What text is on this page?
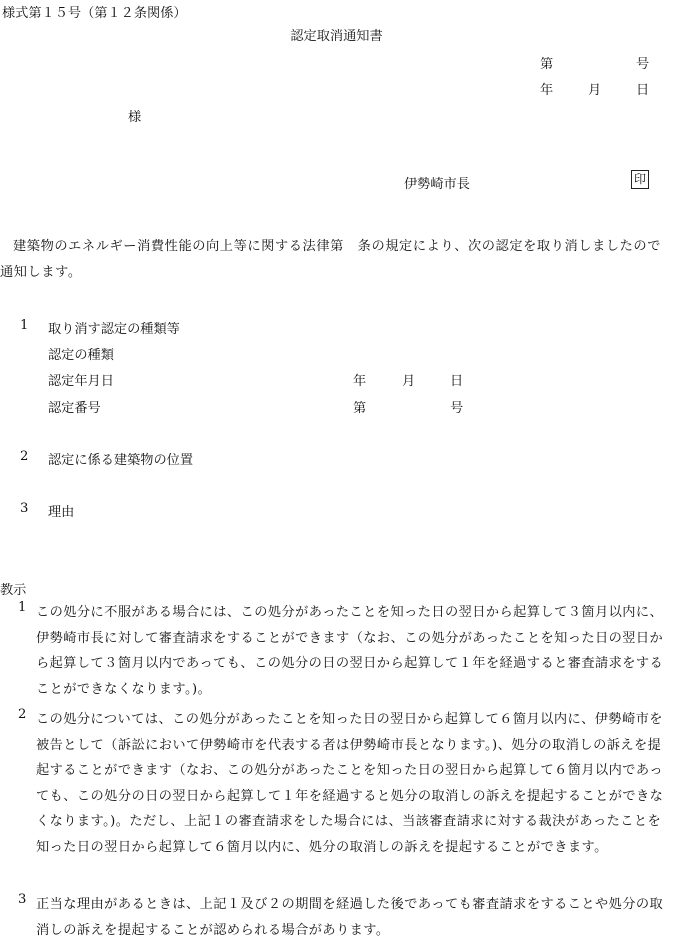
様式第１５号（第１２条関係）
認定取消通知書
第	号
年	月	日
様
伊勢崎市長	印
建築物のエネルギー消費性能の向上等に関する法律第　条の規定により、次の認定を取り消しましたので通知します。
1 取り消す認定の種類等
認定の種類
認定年月日	年	月	日
認定番号	第	号
2 認定に係る建築物の位置
3 理由
教示
1 この処分に不服がある場合には、この処分があったことを知った日の翌日から起算して３箇月以内に、伊勢崎市長に対して審査請求をすることができます（なお、この処分があったことを知った日の翌日から起算して３箇月以内であっても、この処分の日の翌日から起算して１年を経過すると審査請求をすることができなくなります。)。
2 この処分については、この処分があったことを知った日の翌日から起算して６箇月以内に、伊勢崎市を被告として（訴訟において伊勢崎市を代表する者は伊勢崎市長となります。)、処分の取消しの訴えを提起することができます（なお、この処分があったことを知った日の翌日から起算して６箇月以内であっても、この処分の日の翌日から起算して１年を経過すると処分の取消しの訴えを提起することができなくなります。)。ただし、上記１の審査請求をした場合には、当該審査請求に対する裁決があったことを知った日の翌日から起算して６箇月以内に、処分の取消しの訴えを提起することができます。
3 正当な理由があるときは、上記１及び２の期間を経過した後であっても審査請求をすることや処分の取消しの訴えを提起することが認められる場合があります。
